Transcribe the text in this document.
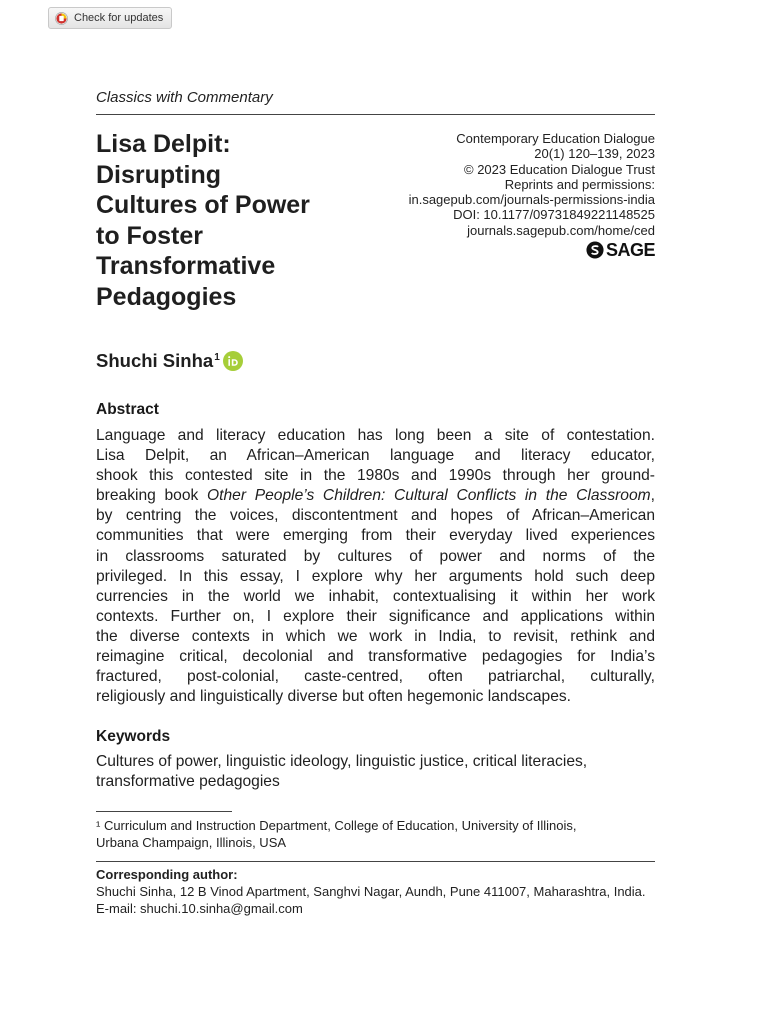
Check for updates
Classics with Commentary
Lisa Delpit:
Disrupting
Cultures of Power
to Foster
Transformative
Pedagogies
Contemporary Education Dialogue
20(1) 120–139, 2023
© 2023 Education Dialogue Trust
Reprints and permissions:
in.sagepub.com/journals-permissions-india
DOI: 10.1177/09731849221148525
journals.sagepub.com/home/ced
SAGE
Shuchi Sinha 1
Abstract
Language and literacy education has long been a site of contestation.
Lisa Delpit, an African–American language and literacy educator,
shook this contested site in the 1980s and 1990s through her ground-
breaking book Other People’s Children: Cultural Conflicts in the Classroom,
by centring the voices, discontentment and hopes of African–American
communities that were emerging from their everyday lived experiences
in classrooms saturated by cultures of power and norms of the
privileged. In this essay, I explore why her arguments hold such deep
currencies in the world we inhabit, contextualising it within her work
contexts. Further on, I explore their significance and applications within
the diverse contexts in which we work in India, to revisit, rethink and
reimagine critical, decolonial and transformative pedagogies for India’s
fractured, post-colonial, caste-centred, often patriarchal, culturally,
religiously and linguistically diverse but often hegemonic landscapes.
Keywords
Cultures of power, linguistic ideology, linguistic justice, critical literacies,
transformative pedagogies
¹ Curriculum and Instruction Department, College of Education, University of Illinois,
Urbana Champaign, Illinois, USA
Corresponding author:
Shuchi Sinha, 12 B Vinod Apartment, Sanghvi Nagar, Aundh, Pune 411007, Maharashtra, India.
E-mail: shuchi.10.sinha@gmail.com
